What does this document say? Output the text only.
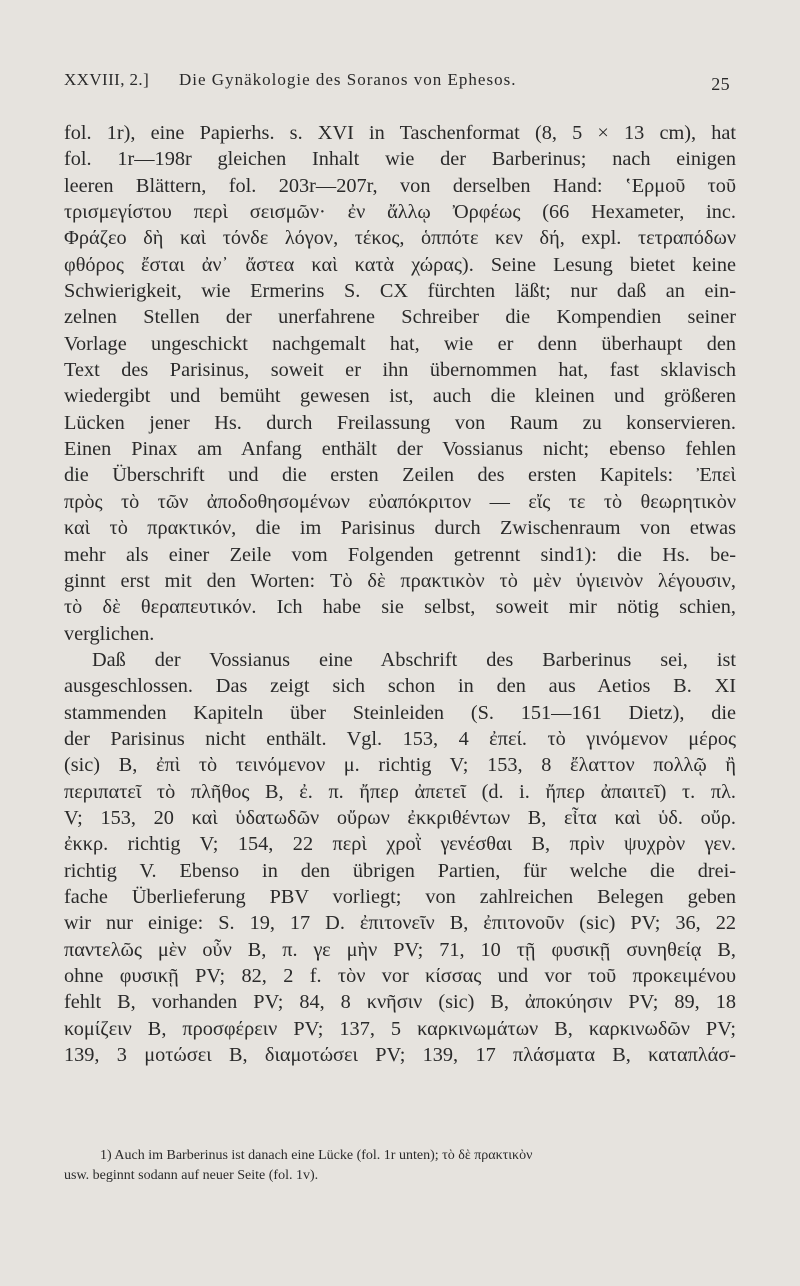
XXVIII, 2.] Die Gynäkologie des Soranos von Ephesos.	25

fol. 1r), eine Papierhs. s. XVI in Taschenformat (8, 5 × 13 cm), hat

fol. 1r—198r gleichen Inhalt wie der Barberinus; nach einigen

leeren Blättern, fol. 203r—207r, von derselben Hand: ʽΕρμοῦ τοῦ

τρισμεγίστου περὶ σεισμῶν· ἐν ἄλλῳ Ὀρφέως (66 Hexameter, inc.

Φράζεο δὴ καὶ τόνδε λόγον, τέκος, ὁππότε κεν δή, expl. τετραπόδων

φθόρος ἔσται ἀν᾽ ἄστεα καὶ κατὰ χώρας). Seine Lesung bietet keine

Schwierigkeit, wie Ermerins S. CX fürchten läßt; nur daß an ein-

zelnen Stellen der unerfahrene Schreiber die Kompendien seiner

Vorlage ungeschickt nachgemalt hat, wie er denn überhaupt den

Text des Parisinus, soweit er ihn übernommen hat, fast sklavisch

wiedergibt und bemüht gewesen ist, auch die kleinen und größeren

Lücken jener Hs. durch Freilassung von Raum zu konservieren.

Einen Pinax am Anfang enthält der Vossianus nicht; ebenso fehlen

die Überschrift und die ersten Zeilen des ersten Kapitels: Ἐπεὶ

πρὸς τὸ τῶν ἀποδοθησομένων εὐαπόκριτον — εἴς τε τὸ θεωρητικὸν

καὶ τὸ πρακτικόν, die im Parisinus durch Zwischenraum von etwas

mehr als einer Zeile vom Folgenden getrennt sind1): die Hs. be-

ginnt erst mit den Worten: Τὸ δὲ πρακτικὸν τὸ μὲν ὑγιεινὸν λέγουσιν,

τὸ δὲ θεραπευτικόν. Ich habe sie selbst, soweit mir nötig schien,

verglichen.

Daß der Vossianus eine Abschrift des Barberinus sei, ist

ausgeschlossen. Das zeigt sich schon in den aus Aetios B. XI

stammenden Kapiteln über Steinleiden (S. 151—161 Dietz), die

der Parisinus nicht enthält. Vgl. 153, 4 ἐπεί. τὸ γινόμενον μέρος

(sic) B, ἐπὶ τὸ τεινόμενον μ. richtig V; 153, 8 ἔλαττον πολλῷ ἢ

περιπατεῖ τὸ πλῆθος B, ἐ. π. ἤπερ ἀπετεῖ (d. i. ἤπερ ἀπαιτεῖ) τ. πλ.

V; 153, 20 καὶ ὑδατωδῶν οὔρων ἐκκριθέντων B, εἶτα καὶ ὑδ. οὔρ.

ἐκκρ. richtig V; 154, 22 περὶ χροῒ γενέσθαι B, πρὶν ψυχρὸν γεν.

richtig V. Ebenso in den übrigen Partien, für welche die drei-

fache Überlieferung PBV vorliegt; von zahlreichen Belegen geben

wir nur einige: S. 19, 17 D. ἐπιτονεῖν B, ἐπιτονοῦν (sic) PV; 36, 22

παντελῶς μὲν οὖν B, π. γε μὴν PV; 71, 10 τῇ φυσικῇ συνηθείᾳ B,

ohne φυσικῇ PV; 82, 2 f. τὸν vor κίσσας und vor τοῦ προκειμένου

fehlt B, vorhanden PV; 84, 8 κνῆσιν (sic) B, ἀποκύησιν PV; 89, 18

κομίζειν B, προσφέρειν PV; 137, 5 καρκινωμάτων B, καρκινωδῶν PV;

139, 3 μοτώσει B, διαμοτώσει PV; 139, 17 πλάσματα B, καταπλάσ-

1) Auch im Barberinus ist danach eine Lücke (fol. 1r unten); τὸ δὲ πρακτικὸν
usw. beginnt sodann auf neuer Seite (fol. 1v).
